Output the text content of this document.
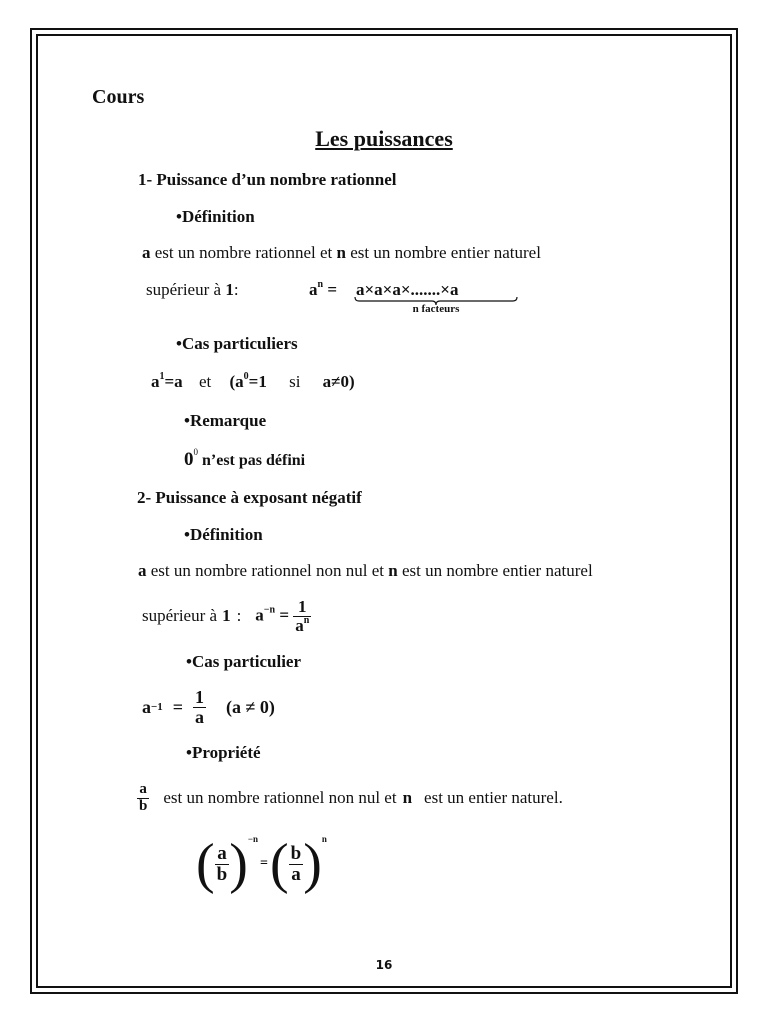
Cours
Les puissances
1- Puissance d’un nombre rationnel
•Définition
a est un nombre rationnel et n est un nombre entier naturel
supérieur à 1:	$a^n = a\times a\times a\times.......\times a$
n facteurs
•Cas particuliers
$a^1=a$ et ($a^0=1$ si a≠0)
•Remarque
$0^0$ n’est pas défini
2- Puissance à exposant négatif
•Définition
a est un nombre rationnel non nul et n est un nombre entier naturel
supérieur à 1 : $a^{-n} = \frac{1}{a^n}$
•Cas particulier
$a -1 = \frac{1}{a} (a \ne 0)$
•Propriété
$\frac{a}{b}$ est un nombre rationnel non nul et n est un entier naturel.
( $\frac{a}{b}$ ) −n
= ( $\frac{b}{a}$ ) n
16
